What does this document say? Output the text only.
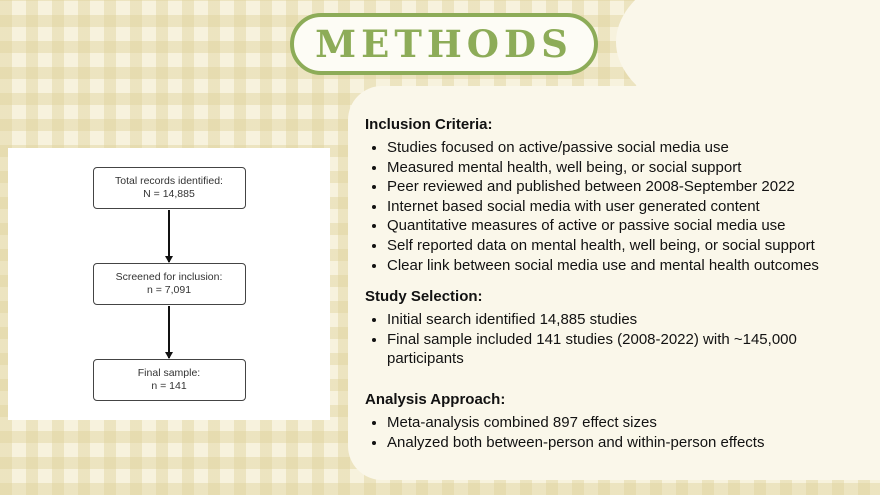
METHODS
Total records identified:
N = 14,885
Screened for inclusion:
n = 7,091
Final sample:
n = 141
Inclusion Criteria:
• Studies focused on active/passive social media use
• Measured mental health, well being, or social support
• Peer reviewed and published between 2008-September 2022
• Internet based social media with user generated content
• Quantitative measures of active or passive social media use
• Self reported data on mental health, well being, or social support
• Clear link between social media use and mental health outcomes
Study Selection:
• Initial search identified 14,885 studies
• Final sample included 141 studies (2008-2022) with ~145,000 participants
Analysis Approach:
• Meta-analysis combined 897 effect sizes
• Analyzed both between-person and within-person effects
